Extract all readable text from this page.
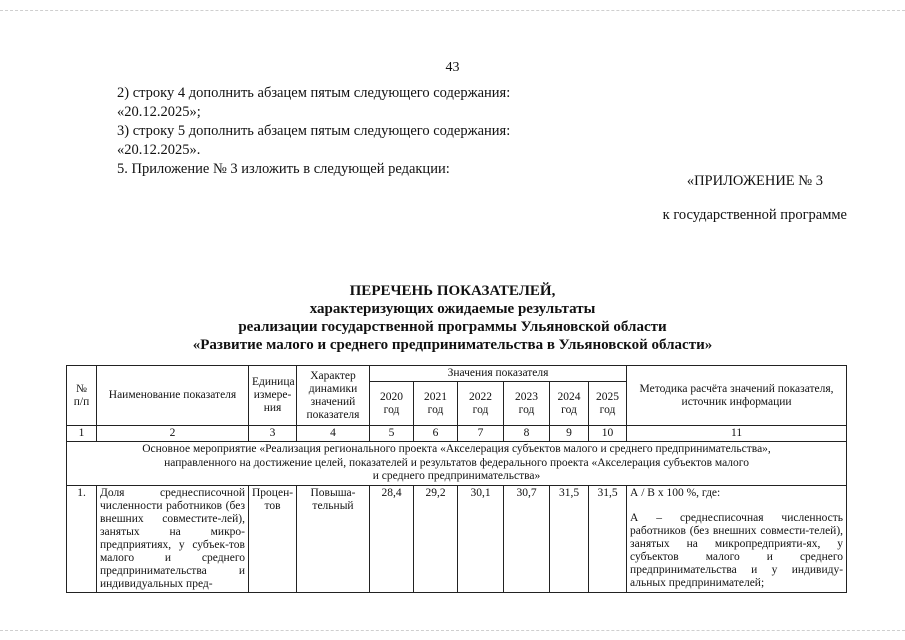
43
2) строку 4 дополнить абзацем пятым следующего содержания:
«20.12.2025»;
3) строку 5 дополнить абзацем пятым следующего содержания:
«20.12.2025».
5. Приложение № 3 изложить в следующей редакции:
«ПРИЛОЖЕНИЕ № 3
к государственной программе
ПЕРЕЧЕНЬ ПОКАЗАТЕЛЕЙ,
характеризующих ожидаемые результаты
реализации государственной программы Ульяновской области
«Развитие малого и среднего предпринимательства в Ульяновской области»
№ п/п	Наименование показателя	Единица измере-ния	Характер динамики значений показателя	Значения показателя						Методика расчёта значений показателя, источник информации
				2020 год	2021 год	2022 год	2023 год	2024 год	2025 год	
1	2	3	4	5	6	7	8	9	10	11

Основное мероприятие «Реализация регионального проекта «Акселерация субъектов малого и среднего предпринимательства»,
направленного на достижение целей, показателей и результатов федерального проекта «Акселерация субъектов малого
и среднего предпринимательства»										

1.	Доля среднесписочной численности работников (без внешних совместите-лей), занятых на микро-предприятиях, у субъек-тов малого и среднего предпринимательства и индивидуальных пред-	Процен-тов	Повыша-тельный	28,4	29,2	30,1	30,7	31,5	31,5	А / В х 100 %, где:

А – среднесписочная численность работников (без внешних совмести-телей), занятых на микропредприяти-ях, у субъектов малого и среднего предпринимательства и у индивиду-альных предпринимателей;
